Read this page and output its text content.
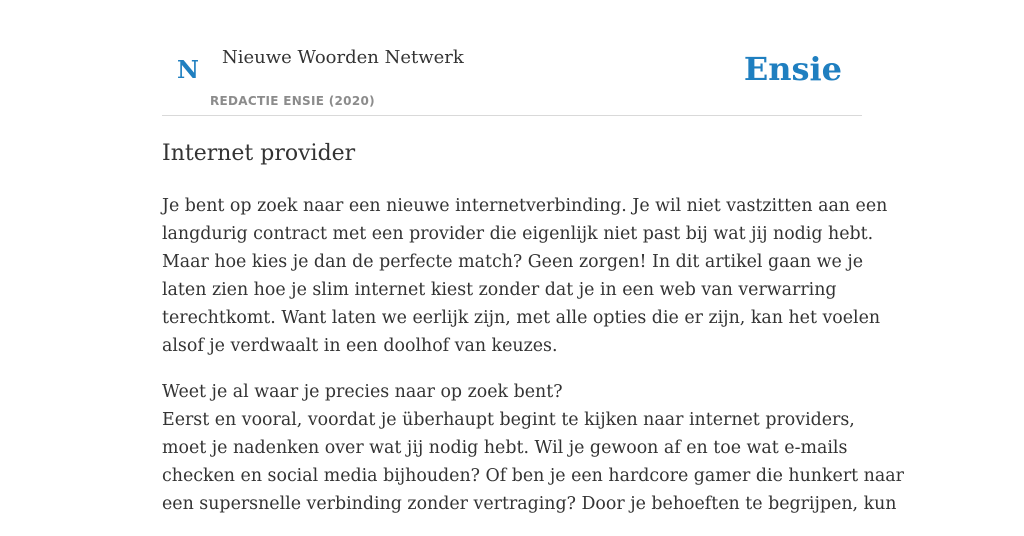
N Nieuwe Woorden Netwerk
REDACTIE ENSIE (2020)
Ensie
Internet provider

Je bent op zoek naar een nieuwe internetverbinding. Je wil niet vastzitten aan een
langdurig contract met een provider die eigenlijk niet past bij wat jij nodig hebt.
Maar hoe kies je dan de perfecte match? Geen zorgen! In dit artikel gaan we je
laten zien hoe je slim internet kiest zonder dat je in een web van verwarring
terechtkomt. Want laten we eerlijk zijn, met alle opties die er zijn, kan het voelen
alsof je verdwaalt in een doolhof van keuzes.

Weet je al waar je precies naar op zoek bent?
Eerst en vooral, voordat je überhaupt begint te kijken naar internet providers,
moet je nadenken over wat jij nodig hebt. Wil je gewoon af en toe wat e-mails
checken en social media bijhouden? Of ben je een hardcore gamer die hunkert naar
een supersnelle verbinding zonder vertraging? Door je behoeften te begrijpen, kun
